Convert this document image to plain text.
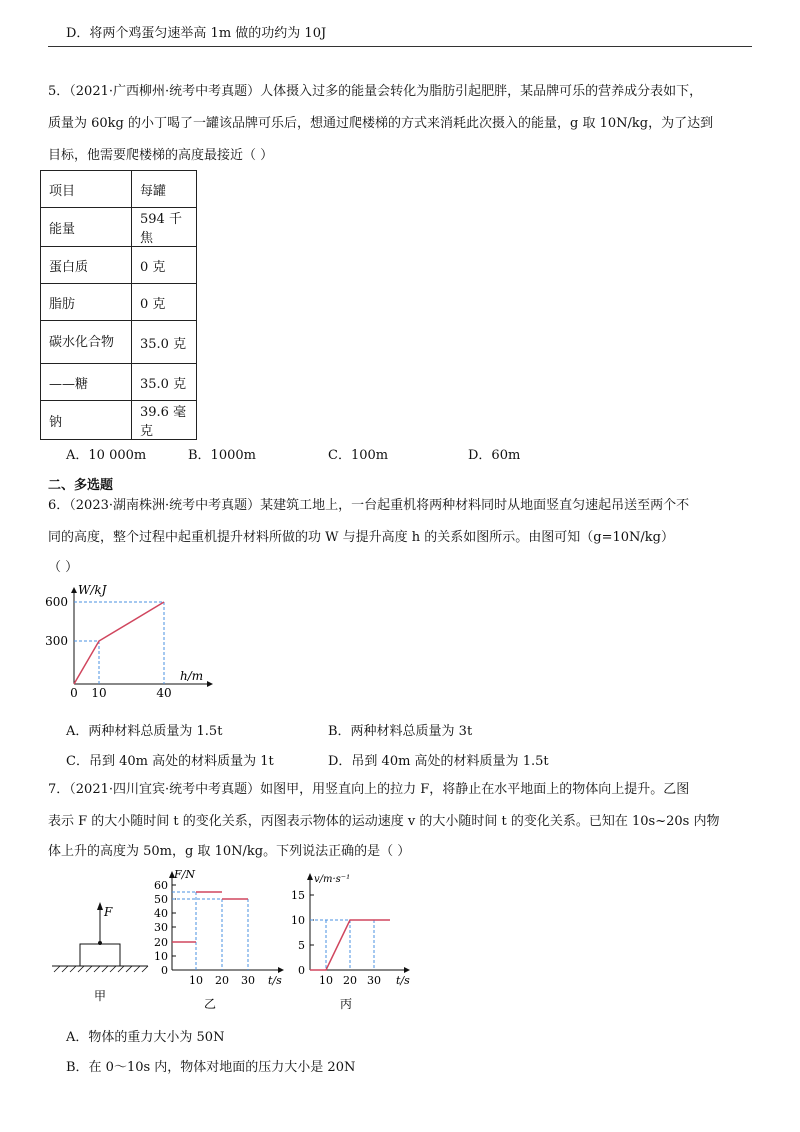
D．将两个鸡蛋匀速举高 1m 做的功约为 10J
5．（2021·广西柳州·统考中考真题）人体摄入过多的能量会转化为脂肪引起肥胖，某品牌可乐的营养成分表如下，
质量为 60kg 的小丁喝了一罐该品牌可乐后，想通过爬楼梯的方式来消耗此次摄入的能量，g 取 10N/kg，为了达到
目标，他需要爬楼梯的高度最接近（ ）
项目	每罐
能量	594 千焦
蛋白质	0 克
脂肪	0 克
碳水化合物	35.0 克
——糖	35.0 克
钠	39.6 毫克
A．10 000m	B．1000m	C．100m	D．60m
二、多选题
6．（2023·湖南株洲·统考中考真题）某建筑工地上，一台起重机将两种材料同时从地面竖直匀速起吊送至两个不
同的高度，整个过程中起重机提升材料所做的功 W 与提升高度 h 的关系如图所示。由图可知（g=10N/kg）
（ ）
600
300
W/kJ
h/m
0 10	40
A．两种材料总质量为 1.5t	B．两种材料总质量为 3t
C．吊到 40m 高处的材料质量为 1t	D．吊到 40m 高处的材料质量为 1.5t
7．（2021·四川宜宾·统考中考真题）如图甲，用竖直向上的拉力 F，将静止在水平地面上的物体向上提升。乙图
表示 F 的大小随时间 t 的变化关系，丙图表示物体的运动速度 v 的大小随时间 t 的变化关系。已知在 10s~20s 内物
体上升的高度为 50m，g 取 10N/kg。下列说法正确的是（ ）
F
甲
F/N
60
50
40
30
20
10
0
10 20 30 t/s
乙
v/m·s⁻¹
15
10
5
0
10 20 30 t/s
丙
A．物体的重力大小为 50N
B．在 0～10s 内，物体对地面的压力大小是 20N
